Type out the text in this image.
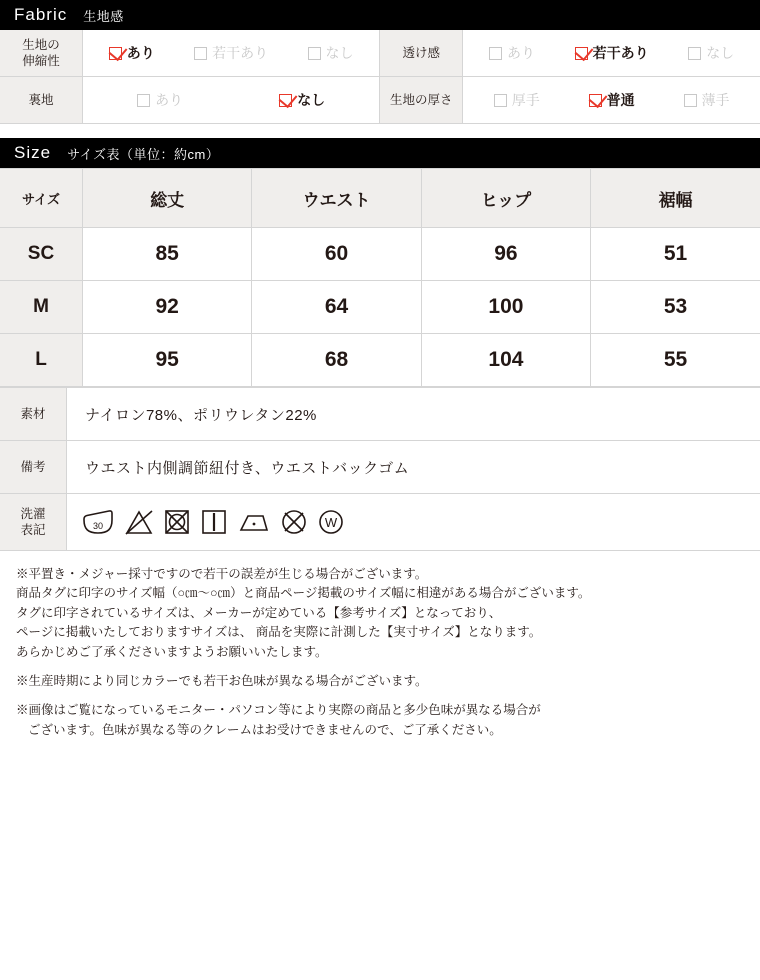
Fabric 生地感
生地の
伸縮性	あり 若干あり なし	透け感	あり 若干あり なし

裏地	あり なし	生地の厚さ	厚手 普通 薄手
Size サイズ表（単位：約cm）
サイズ	総丈	ウエスト	ヒップ	裾幅
SC	85	60	96	51
M	92	64	100	53
L	95	68	104	55
素材	ナイロン78%、ポリウレタン22%
備考	ウエスト内側調節紐付き、ウエストバックゴム
洗濯
表記	30 W

※平置き・メジャー採寸ですので若干の誤差が生じる場合がございます。

商品タグに印字のサイズ幅（○㎝〜○㎝）と商品ページ掲載のサイズ幅に相違がある場合がございます。

タグに印字されているサイズは、メーカーが定めている【参考サイズ】となっており、

ページに掲載いたしておりますサイズは、 商品を実際に計測した【実寸サイズ】となります。

あらかじめご了承くださいますようお願いいたします。

※生産時期により同じカラーでも若干お色味が異なる場合がございます。

※画像はご覧になっているモニター・パソコン等により実際の商品と多少色味が異なる場合が

ございます。色味が異なる等のクレームはお受けできませんので、ご了承ください。
